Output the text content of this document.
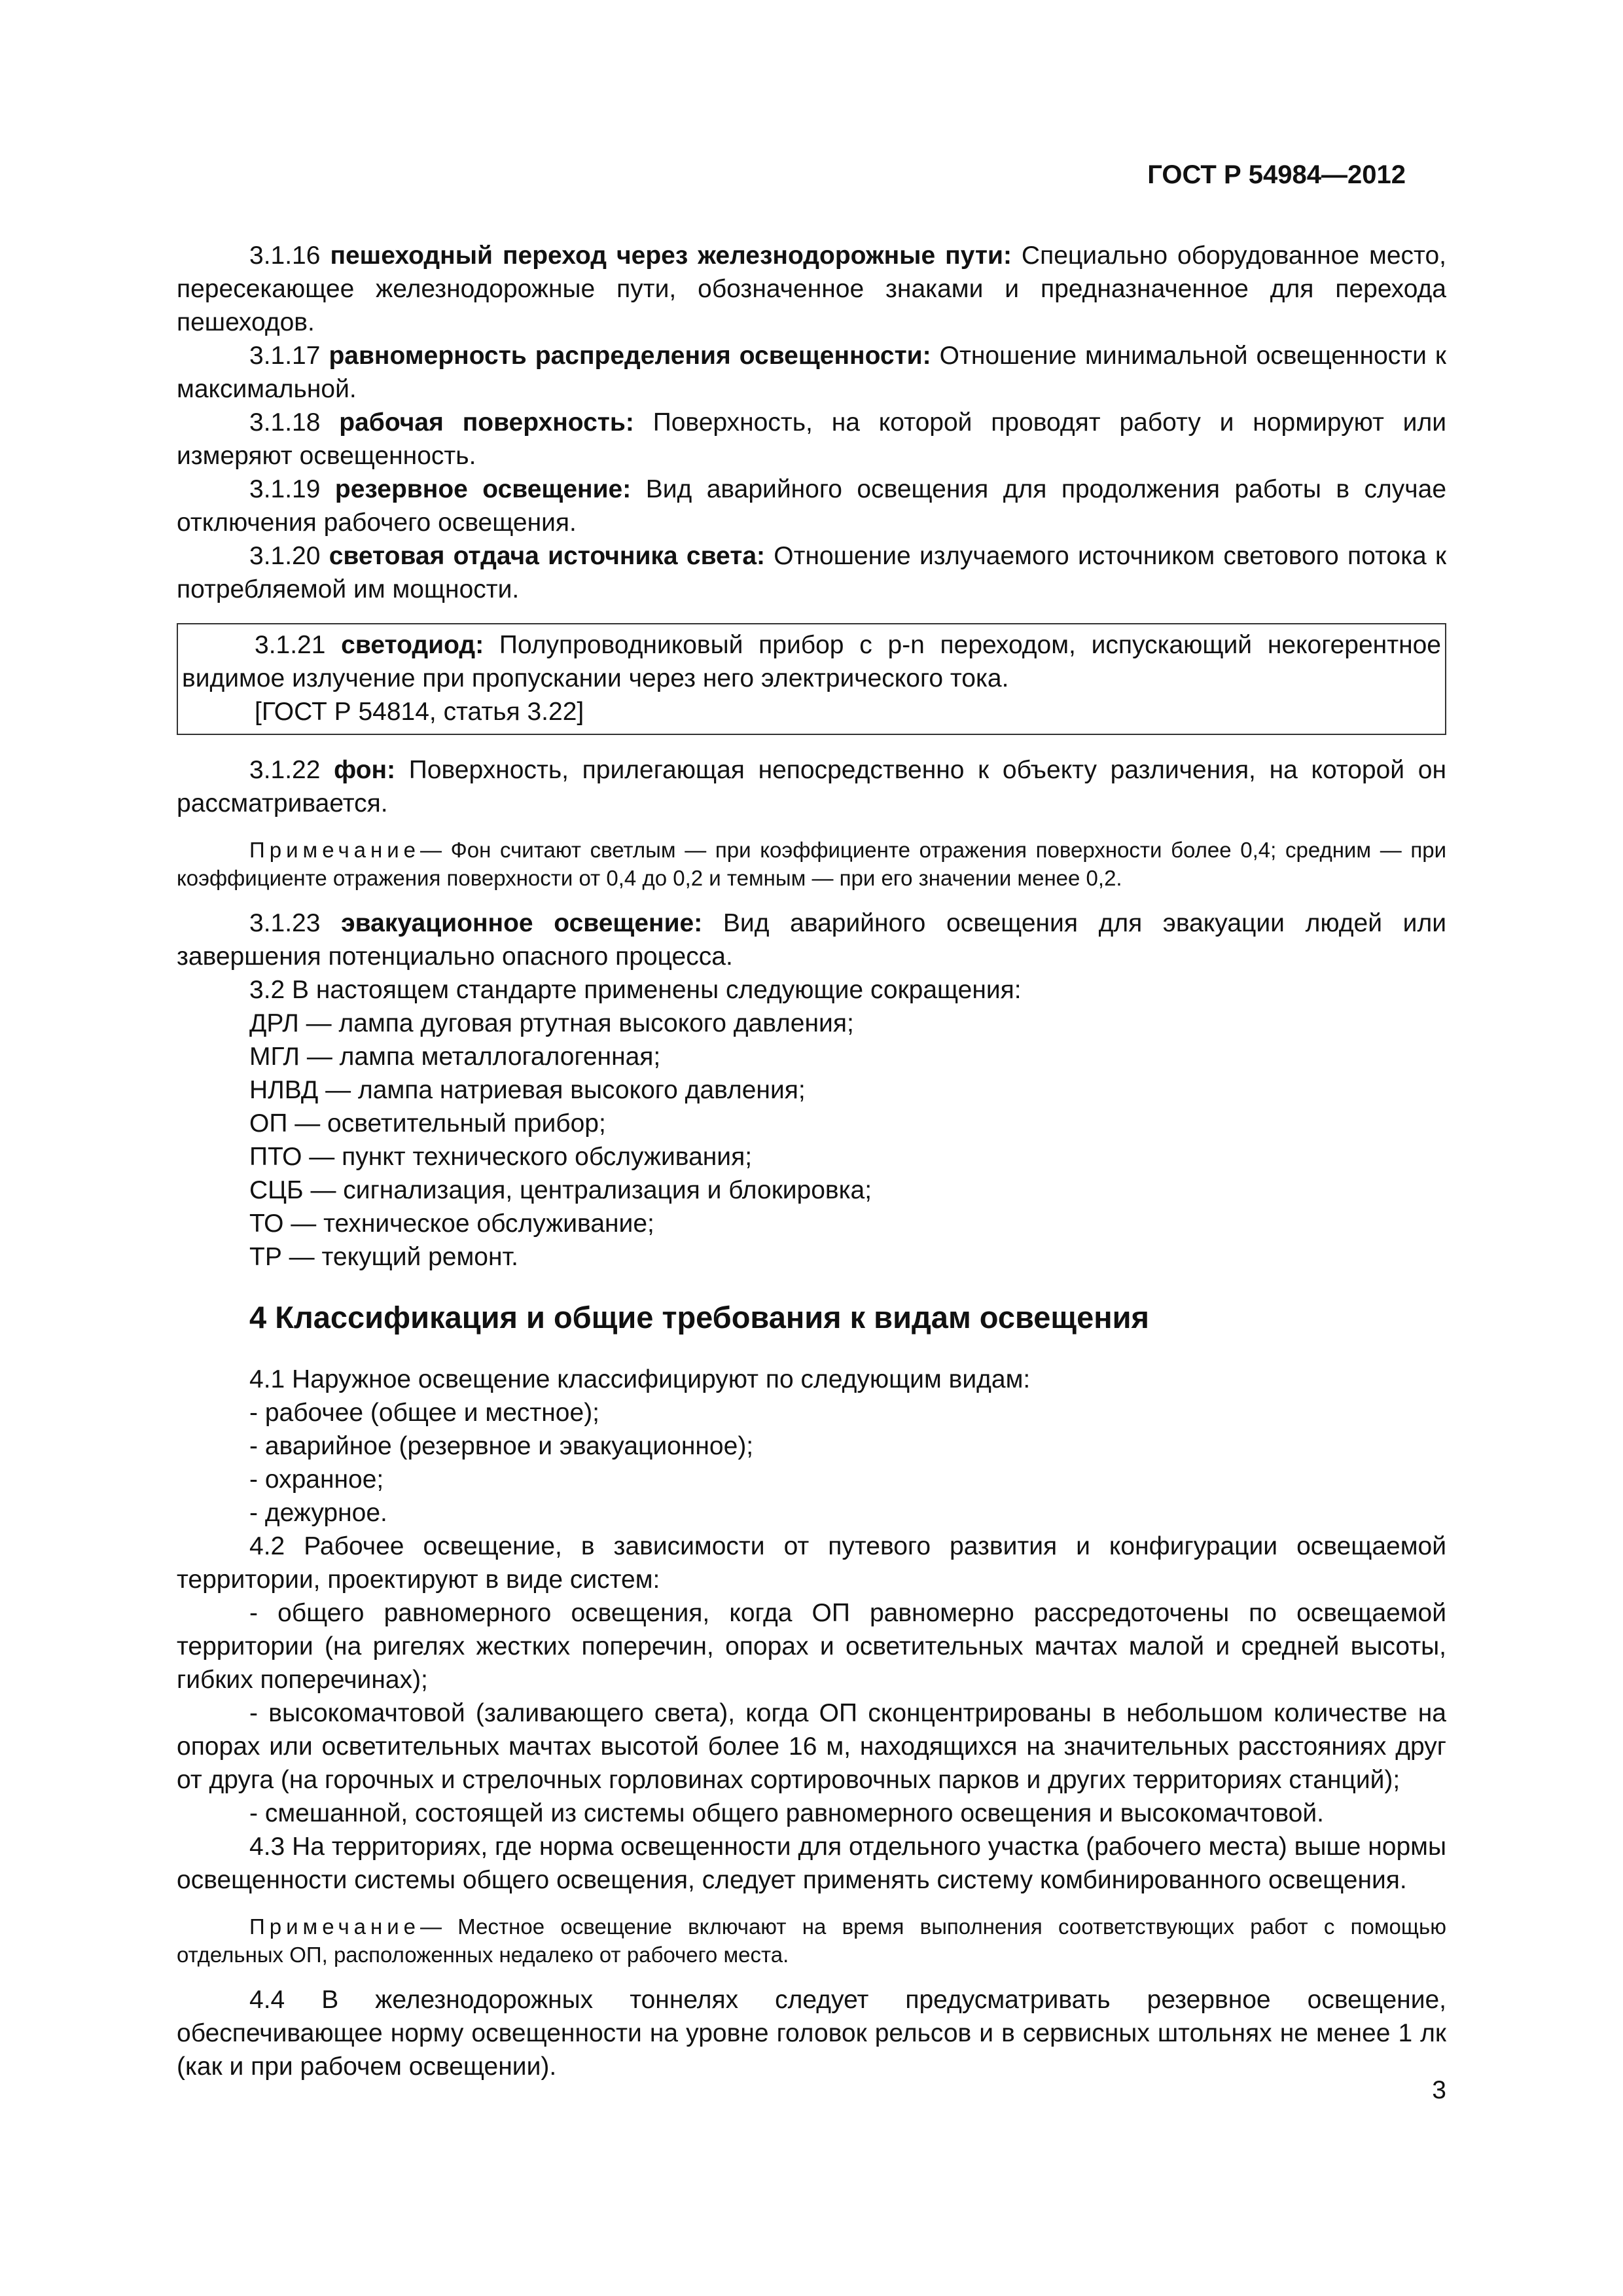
ГОСТ Р 54984—2012

3.1.16 пешеходный переход через железнодорожные пути: Специально оборудованное место, пересекающее железнодорожные пути, обозначенное знаками и предназначенное для перехода пешеходов.

3.1.17 равномерность распределения освещенности: Отношение минимальной освещенности к максимальной.

3.1.18 рабочая поверхность: Поверхность, на которой проводят работу и нормируют или измеряют освещенность.

3.1.19 резервное освещение: Вид аварийного освещения для продолжения работы в случае отключения рабочего освещения.

3.1.20 световая отдача источника света: Отношение излучаемого источником светового потока к потребляемой им мощности.

3.1.21 светодиод: Полупроводниковый прибор с p-n переходом, испускающий некогерентное видимое излучение при пропускании через него электрического тока.

[ГОСТ Р 54814, статья 3.22]

3.1.22 фон: Поверхность, прилегающая непосредственно к объекту различения, на которой он рассматривается.

Примечание— Фон считают светлым — при коэффициенте отражения поверхности более 0,4; средним — при коэффициенте отражения поверхности от 0,4 до 0,2 и темным — при его значении менее 0,2.

3.1.23 эвакуационное освещение: Вид аварийного освещения для эвакуации людей или завершения потенциально опасного процесса.

3.2 В настоящем стандарте применены следующие сокращения:

ДРЛ — лампа дуговая ртутная высокого давления;

МГЛ — лампа металлогалогенная;

НЛВД — лампа натриевая высокого давления;

ОП — осветительный прибор;

ПТО — пункт технического обслуживания;

СЦБ — сигнализация, централизация и блокировка;

ТО — техническое обслуживание;

ТР — текущий ремонт.

4 Классификация и общие требования к видам освещения

4.1 Наружное освещение классифицируют по следующим видам:

- рабочее (общее и местное);

- аварийное (резервное и эвакуационное);

- охранное;

- дежурное.

4.2 Рабочее освещение, в зависимости от путевого развития и конфигурации освещаемой территории, проектируют в виде систем:

- общего равномерного освещения, когда ОП равномерно рассредоточены по освещаемой территории (на ригелях жестких поперечин, опорах и осветительных мачтах малой и средней высоты, гибких поперечинах);

- высокомачтовой (заливающего света), когда ОП сконцентрированы в небольшом количестве на опорах или осветительных мачтах высотой более 16 м, находящихся на значительных расстояниях друг от друга (на горочных и стрелочных горловинах сортировочных парков и других территориях станций);

- смешанной, состоящей из системы общего равномерного освещения и высокомачтовой.

4.3 На территориях, где норма освещенности для отдельного участка (рабочего места) выше нормы освещенности системы общего освещения, следует применять систему комбинированного освещения.

Примечание— Местное освещение включают на время выполнения соответствующих работ с помощью отдельных ОП, расположенных недалеко от рабочего места.

4.4 В железнодорожных тоннелях следует предусматривать резервное освещение, обеспечивающее норму освещенности на уровне головок рельсов и в сервисных штольнях не менее 1 лк (как и при рабочем освещении).

3
